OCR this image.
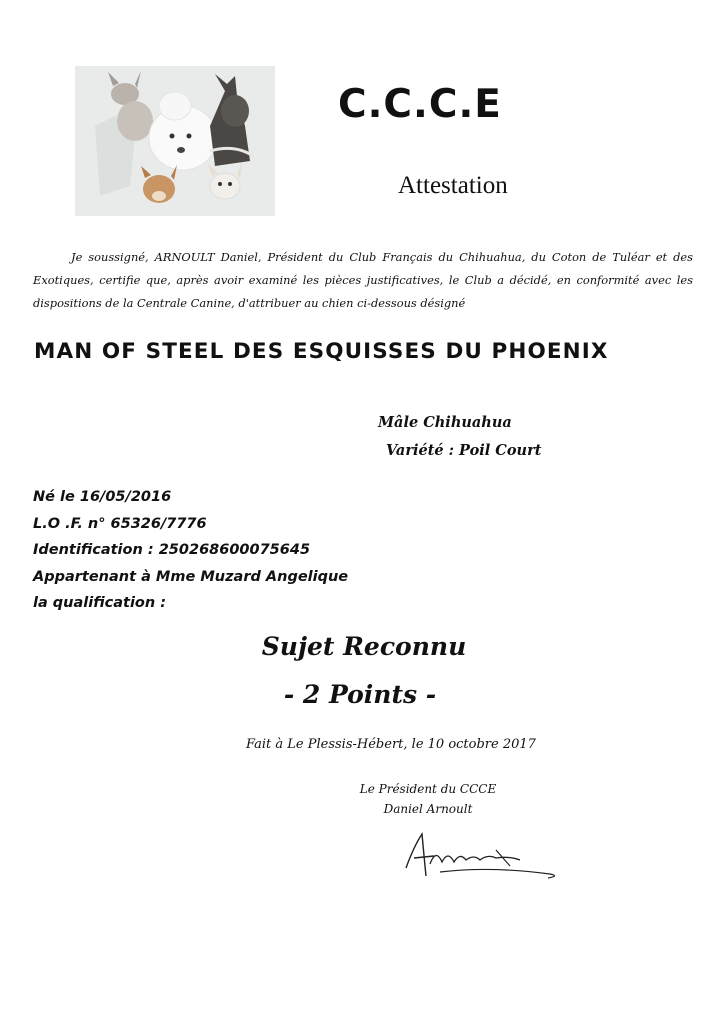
C.C.C.E
Attestation
Je soussigné, ARNOULT Daniel, Président du Club Français du Chihuahua, du Coton de Tuléar et des Exotiques, certifie que, après avoir examiné les pièces justificatives, le Club a décidé, en conformité avec les dispositions de la Centrale Canine, d'attribuer au chien ci-dessous désigné
MAN OF STEEL DES ESQUISSES DU PHOENIX
Mâle Chihuahua
Variété : Poil Court
Né le 16/05/2016
L.O .F. n° 65326/7776
Identification : 250268600075645
Appartenant à Mme Muzard Angelique
la qualification :
Sujet Reconnu
- 2 Points -
Fait à Le Plessis-Hébert, le 10 octobre 2017
Le Président du CCCE
Daniel Arnoult
